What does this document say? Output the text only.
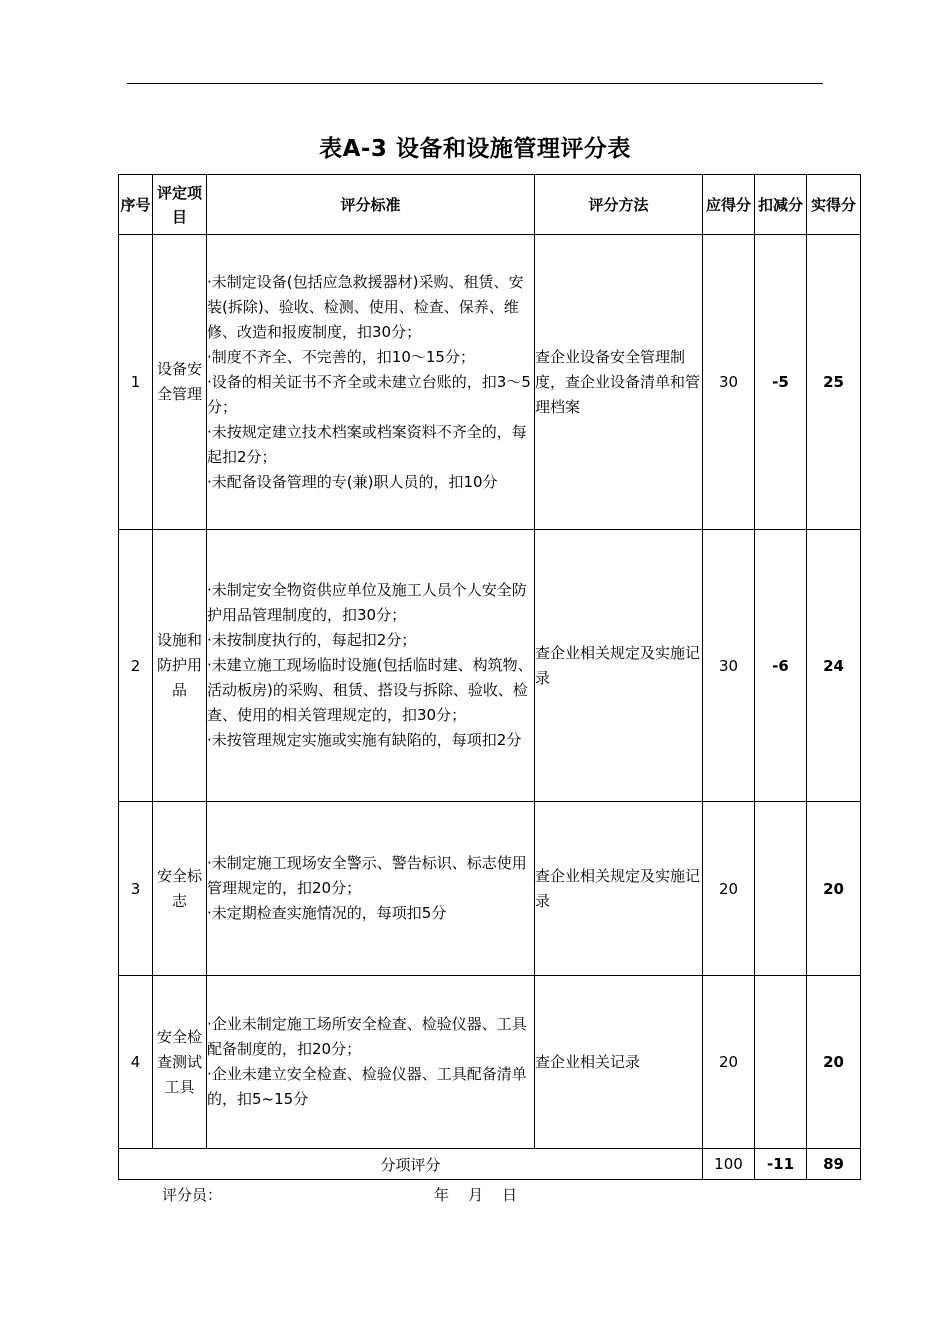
表A-3 设备和设施管理评分表
序号	评定项目	评分标准	评分方法	应得分	扣减分	实得分
1	设备安全管理	·未制定设备(包括应急救援器材)采购、租赁、安装(拆除)、验收、检测、使用、检查、保养、维修、改造和报废制度，扣30分；
·制度不齐全、不完善的，扣10～15分；
·设备的相关证书不齐全或未建立台账的，扣3～5分；
·未按规定建立技术档案或档案资料不齐全的，每起扣2分；
·未配备设备管理的专(兼)职人员的，扣10分	查企业设备安全管理制度，查企业设备清单和管理档案	30	-5	25
2	设施和防护用品	·未制定安全物资供应单位及施工人员个人安全防护用品管理制度的，扣30分；
·未按制度执行的，每起扣2分；
·未建立施工现场临时设施(包括临时建、构筑物、活动板房)的采购、租赁、搭设与拆除、验收、检查、使用的相关管理规定的，扣30分；
·未按管理规定实施或实施有缺陷的，每项扣2分	查企业相关规定及实施记录	30	-6	24
3	安全标志	·未制定施工现场安全警示、警告标识、标志使用管理规定的，扣20分；
·未定期检查实施情况的，每项扣5分	查企业相关规定及实施记录	20		20
4	安全检查测试工具	·企业未制定施工场所安全检查、检验仪器、工具配备制度的，扣20分；
·企业未建立安全检查、检验仪器、工具配备清单的，扣5~15分	查企业相关记录	20		20
分项评分				100	-11	89
评分员：	年    月    日
